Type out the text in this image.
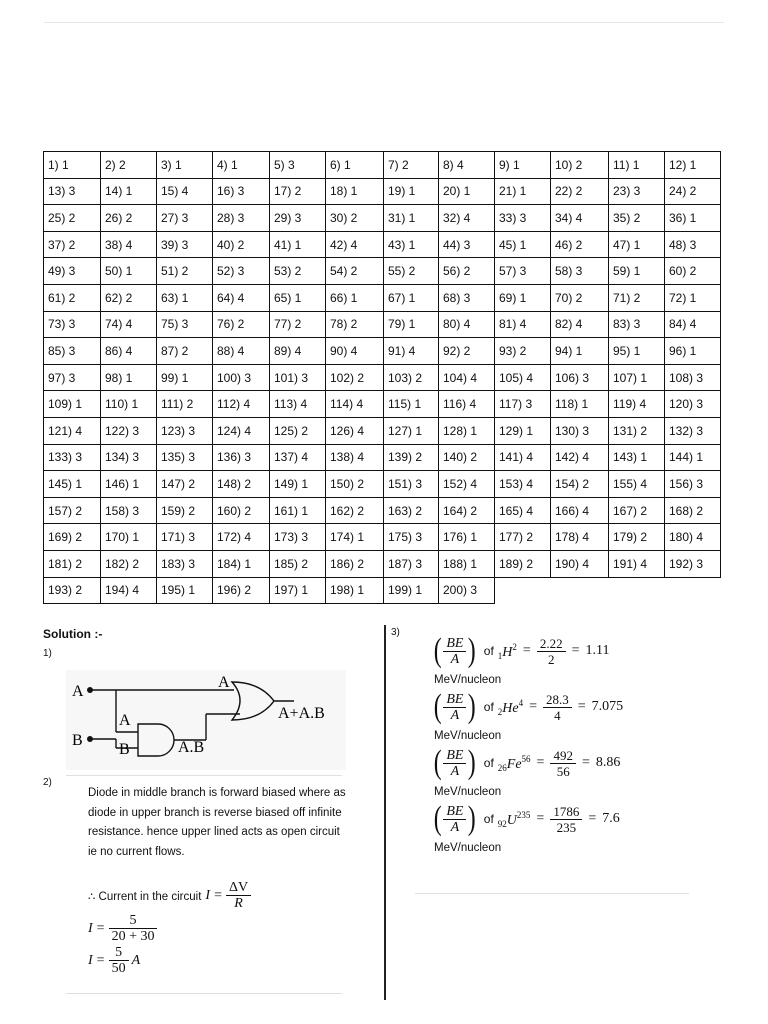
1) 1	2) 2	3) 1	4) 1	5) 3	6) 1	7) 2	8) 4	9) 1	10) 2	11) 1	12) 1
13) 3	14) 1	15) 4	16) 3	17) 2	18) 1	19) 1	20) 1	21) 1	22) 2	23) 3	24) 2
25) 2	26) 2	27) 3	28) 3	29) 3	30) 2	31) 1	32) 4	33) 3	34) 4	35) 2	36) 1
37) 2	38) 4	39) 3	40) 2	41) 1	42) 4	43) 1	44) 3	45) 1	46) 2	47) 1	48) 3
49) 3	50) 1	51) 2	52) 3	53) 2	54) 2	55) 2	56) 2	57) 3	58) 3	59) 1	60) 2
61) 2	62) 2	63) 1	64) 4	65) 1	66) 1	67) 1	68) 3	69) 1	70) 2	71) 2	72) 1
73) 3	74) 4	75) 3	76) 2	77) 2	78) 2	79) 1	80) 4	81) 4	82) 4	83) 3	84) 4
85) 3	86) 4	87) 2	88) 4	89) 4	90) 4	91) 4	92) 2	93) 2	94) 1	95) 1	96) 1
97) 3	98) 1	99) 1	100) 3	101) 3	102) 2	103) 2	104) 4	105) 4	106) 3	107) 1	108) 3
109) 1	110) 1	111) 2	112) 4	113) 4	114) 4	115) 1	116) 4	117) 3	118) 1	119) 4	120) 3
121) 4	122) 3	123) 3	124) 4	125) 2	126) 4	127) 1	128) 1	129) 1	130) 3	131) 2	132) 3
133) 3	134) 3	135) 3	136) 3	137) 4	138) 4	139) 2	140) 2	141) 4	142) 4	143) 1	144) 1
145) 1	146) 1	147) 2	148) 2	149) 1	150) 2	151) 3	152) 4	153) 4	154) 2	155) 4	156) 3
157) 2	158) 3	159) 2	160) 2	161) 1	162) 2	163) 2	164) 2	165) 4	166) 4	167) 2	168) 2
169) 2	170) 1	171) 3	172) 4	173) 3	174) 1	175) 3	176) 1	177) 2	178) 4	179) 2	180) 4
181) 2	182) 2	183) 3	184) 1	185) 2	186) 2	187) 3	188) 1	189) 2	190) 4	191) 4	192) 3
193) 2	194) 4	195) 1	196) 2	197) 1	198) 1	199) 1	200) 3				
Solution :-
1)
A
B
A
B	A.B
A
A+A.B
2)
Diode in middle branch is forward biased where as diode in upper branch is reverse biased off infinite resistance. hence upper lined acts as open circuit ie no current flows.
∴ Current in the circuit $I = \frac{\Delta V}{R}$
$I = \frac{5}{20 + 30}$
$I = \frac{5}{50}$ A
3) ( $\frac{BE}{A}$ ) of $_1H^2 = \frac{2.22}{2} = 1.11$
MeV/nucleon
( $\frac{BE}{A}$ ) of $_2He^4 = \frac{28.3}{4} = 7.075$
MeV/nucleon
( $\frac{BE}{A}$ ) of $_{26}Fe^{56} = \frac{492}{56} = 8.86$
MeV/nucleon
( $\frac{BE}{A}$ ) of $_{92}U^{235} = \frac{1786}{235} = 7.6$
MeV/nucleon
